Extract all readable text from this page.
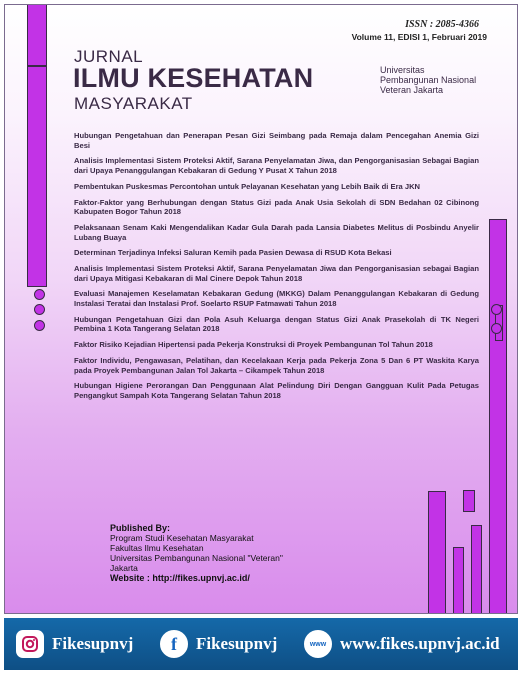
ISSN : 2085-4366
Volume 11, EDISI 1, Februari 2019
JURNAL
ILMU KESEHATAN
MASYARAKAT
Universitas
Pembangunan Nasional
Veteran Jakarta

Hubungan Pengetahuan dan Penerapan Pesan Gizi Seimbang pada Remaja dalam Pencegahan Anemia Gizi Besi

Analisis Implementasi Sistem Proteksi Aktif, Sarana Penyelamatan Jiwa, dan Pengorganisasian Sebagai Bagian dari Upaya Penanggulangan Kebakaran di Gedung Y Pusat X Tahun 2018

Pembentukan Puskesmas Percontohan untuk Pelayanan Kesehatan yang Lebih Baik di Era JKN

Faktor-Faktor yang Berhubungan dengan Status Gizi pada Anak Usia Sekolah di SDN Bedahan 02 Cibinong Kabupaten Bogor Tahun 2018

Pelaksanaan Senam Kaki Mengendalikan Kadar Gula Darah pada Lansia Diabetes Melitus di Posbindu Anyelir Lubang Buaya

Determinan Terjadinya Infeksi Saluran Kemih pada Pasien Dewasa di RSUD Kota Bekasi

Analisis Implementasi Sistem Proteksi Aktif, Sarana Penyelamatan Jiwa dan Pengorganisasian sebagai Bagian dari Upaya Mitigasi Kebakaran di Mal Cinere Depok Tahun 2018

Evaluasi Manajemen Keselamatan Kebakaran Gedung (MKKG) Dalam Penanggulangan Kebakaran di Gedung Instalasi Teratai dan Instalasi Prof. Soelarto RSUP Fatmawati Tahun 2018

Hubungan Pengetahuan Gizi dan Pola Asuh Keluarga dengan Status Gizi Anak Prasekolah di TK Negeri Pembina 1 Kota Tangerang Selatan 2018

Faktor Risiko Kejadian Hipertensi pada Pekerja Konstruksi di Proyek Pembangunan Tol Tahun 2018

Faktor Individu, Pengawasan, Pelatihan, dan Kecelakaan Kerja pada Pekerja Zona 5 Dan 6 PT Waskita Karya pada Proyek Pembangunan Jalan Tol Jakarta – Cikampek Tahun 2018

Hubungan Higiene Perorangan Dan Penggunaan Alat Pelindung Diri Dengan Gangguan Kulit Pada Petugas Pengangkut Sampah Kota Tangerang Selatan Tahun 2018

Published By:
Program Studi Kesehatan Masyarakat
Fakultas Ilmu Kesehatan
Universitas Pembangunan Nasional "Veteran"
Jakarta
Website : http://fikes.upnvj.ac.id/
Fikesupnvj	f	Fikesupnvj	www www.fikes.upnvj.ac.id
